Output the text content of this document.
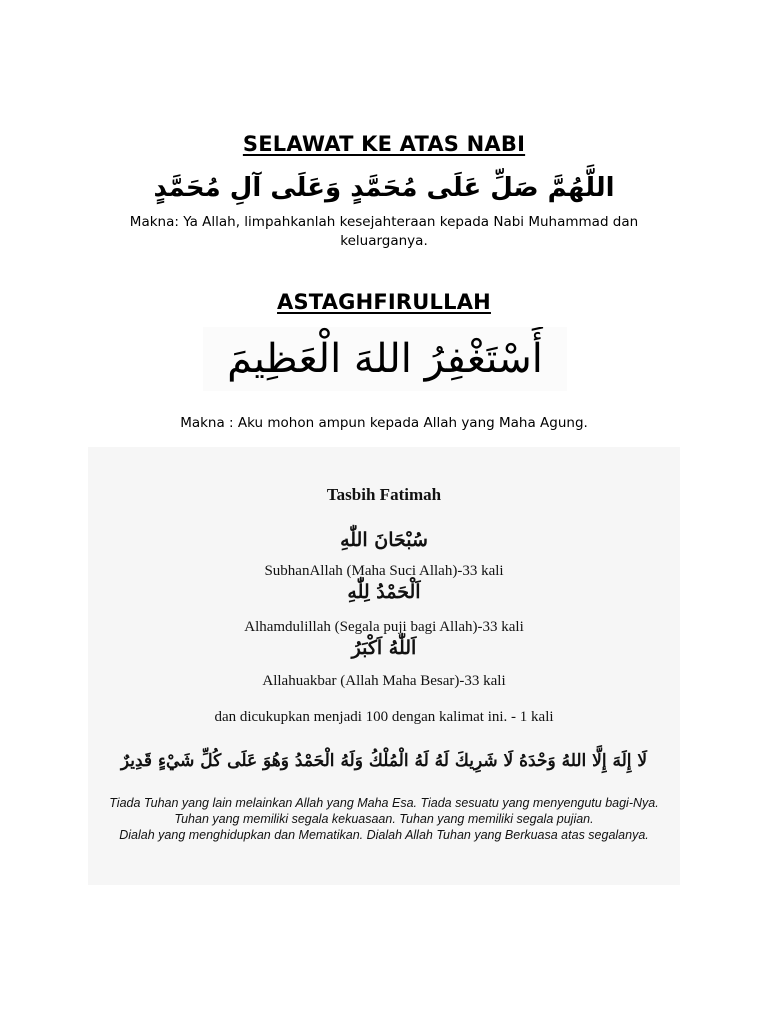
SELAWAT KE ATAS NABI
اللَّهُمَّ صَلِّ عَلَى مُحَمَّدٍ وَعَلَى آلِ مُحَمَّدٍ
Makna: Ya Allah, limpahkanlah kesejahteraan kepada Nabi Muhammad dan keluarganya.
ASTAGHFIRULLAH
أَسْتَغْفِرُ اللهَ الْعَظِيمَ
Makna : Aku mohon ampun kepada Allah yang Maha Agung.
Tasbih Fatimah
سُبْحَانَ اللّٰهِ
SubhanAllah (Maha Suci Allah)-33 kali
اَلْحَمْدُ لِلّٰهِ
Alhamdulillah (Segala puji bagi Allah)-33 kali
اَللّٰهُ اَكْبَرُ
Allahuakbar (Allah Maha Besar)-33 kali
dan dicukupkan menjadi 100 dengan kalimat ini. - 1 kali
لَا إِلَهَ إِلَّا اللهُ وَحْدَهُ لَا شَرِيكَ لَهُ لَهُ الْمُلْكُ وَلَهُ الْحَمْدُ وَهُوَ عَلَى كُلِّ شَيْءٍ قَدِيرٌ
Tiada Tuhan yang lain melainkan Allah yang Maha Esa. Tiada sesuatu yang menyengutu bagi-Nya.
Tuhan yang memiliki segala kekuasaan. Tuhan yang memiliki segala pujian.
Dialah yang menghidupkan dan Mematikan. Dialah Allah Tuhan yang Berkuasa atas segalanya.
